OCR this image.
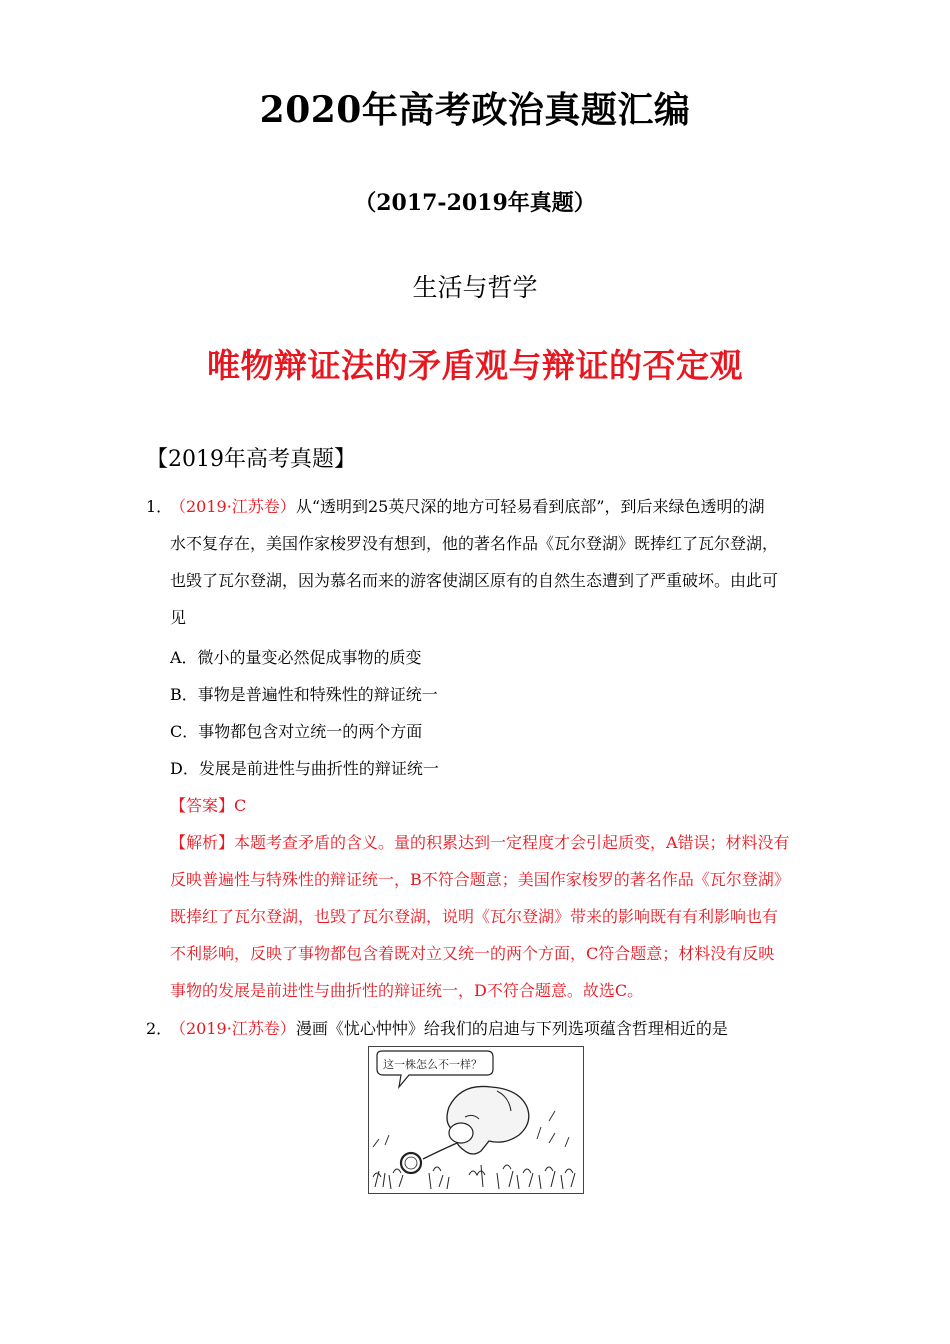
2020年高考政治真题汇编
（2017-2019年真题）
生活与哲学
唯物辩证法的矛盾观与辩证的否定观
【2019年高考真题】
1．
（2019·江苏卷）从“透明到25英尺深的地方可轻易看到底部”，到后来绿色透明的湖
水不复存在，美国作家梭罗没有想到，他的著名作品《瓦尔登湖》既捧红了瓦尔登湖，
也毁了瓦尔登湖，因为慕名而来的游客使湖区原有的自然生态遭到了严重破坏。由此可
见
A．微小的量变必然促成事物的质变
B．事物是普遍性和特殊性的辩证统一
C．事物都包含对立统一的两个方面
D．发展是前进性与曲折性的辩证统一
【答案】C
【解析】本题考查矛盾的含义。量的积累达到一定程度才会引起质变，A错误；材料没有
反映普遍性与特殊性的辩证统一，B不符合题意；美国作家梭罗的著名作品《瓦尔登湖》
既捧红了瓦尔登湖，也毁了瓦尔登湖，说明《瓦尔登湖》带来的影响既有有利影响也有
不利影响，反映了事物都包含着既对立又统一的两个方面，C符合题意；材料没有反映
事物的发展是前进性与曲折性的辩证统一，D不符合题意。故选C。
2．
（2019·江苏卷）漫画《忧心忡忡》给我们的启迪与下列选项蕴含哲理相近的是
这一株怎么不一样？
